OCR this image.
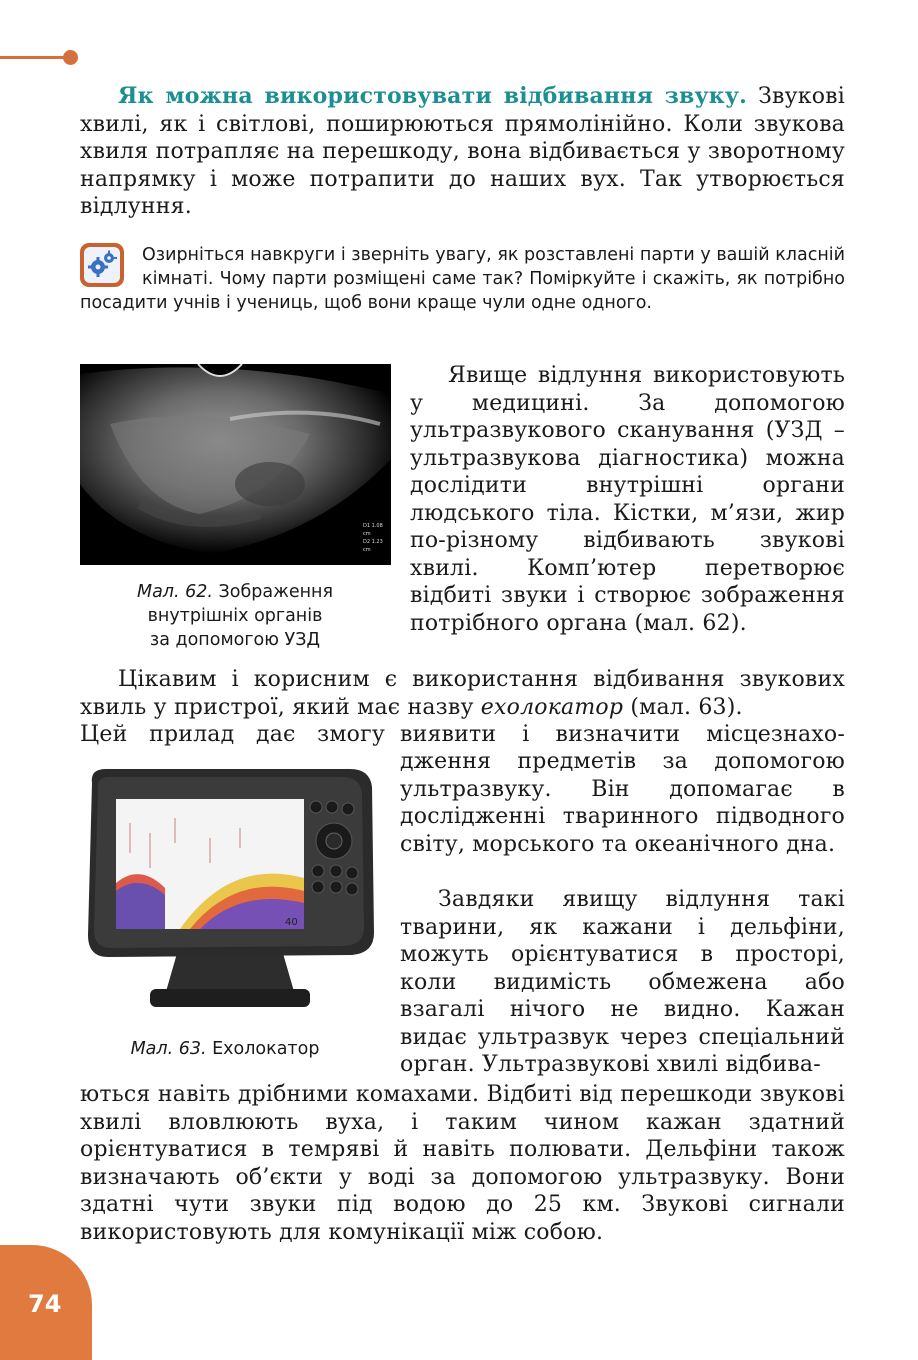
Як можна використовувати відбивання звуку. Звукові хвилі, як і світлові, поширюються прямолінійно. Коли звукова хвиля потрапляє на перешкоду, вона відбивається у зворотному напрямку і може потрапити до наших вух. Так утворюється відлуння.

Озирніться навкруги і зверніть увагу, як розставлені парти у вашій класній кімнаті. Чому парти розміщені саме так? Поміркуйте і скажіть, як потрібно посадити учнів і учениць, щоб вони краще чули одне одного.

D1 1.08 cm
D2 1.23 cm
Мал. 62. Зображення
внутрішніх органів
за допомогою УЗД

Явище відлуння використовують у медицині. За допомогою ультразвукового сканування (УЗД – ультразвукова діагностика) можна дослідити внутрішні органи людського тіла. Кістки, м’язи, жир по-різному відбивають звукові хвилі. Комп’ютер перетворює відбиті звуки і створює зображення потрібного органа (мал. 62).

Цікавим і корисним є використання відбивання звукових хвиль у пристрої, який має назву ехолокатор (мал. 63).

Цей прилад дає змогу виявити і визначити місцезнахо-

дження предметів за допомогою ультразвуку. Він допомагає в дослідженні тваринного підводного світу, морського та океанічного дна.

Завдяки явищу відлуння такі тварини, як кажани і дельфіни, можуть орієнтуватися в просторі, коли видимість обмежена або взагалі нічого не видно. Кажан видає ультразвук через спеціальний орган. Ультразвукові хвилі відбива-

40
Мал. 63. Ехолокатор

ються навіть дрібними комахами. Відбиті від перешкоди звукові хвилі вловлюють вуха, і таким чином кажан здатний орієнтуватися в темряві й навіть полювати. Дельфіни також визначають об’єкти у воді за допомогою ультразвуку. Вони здатні чути звуки під водою до 25 км. Звукові сигнали використовують для комунікації між собою.

74
